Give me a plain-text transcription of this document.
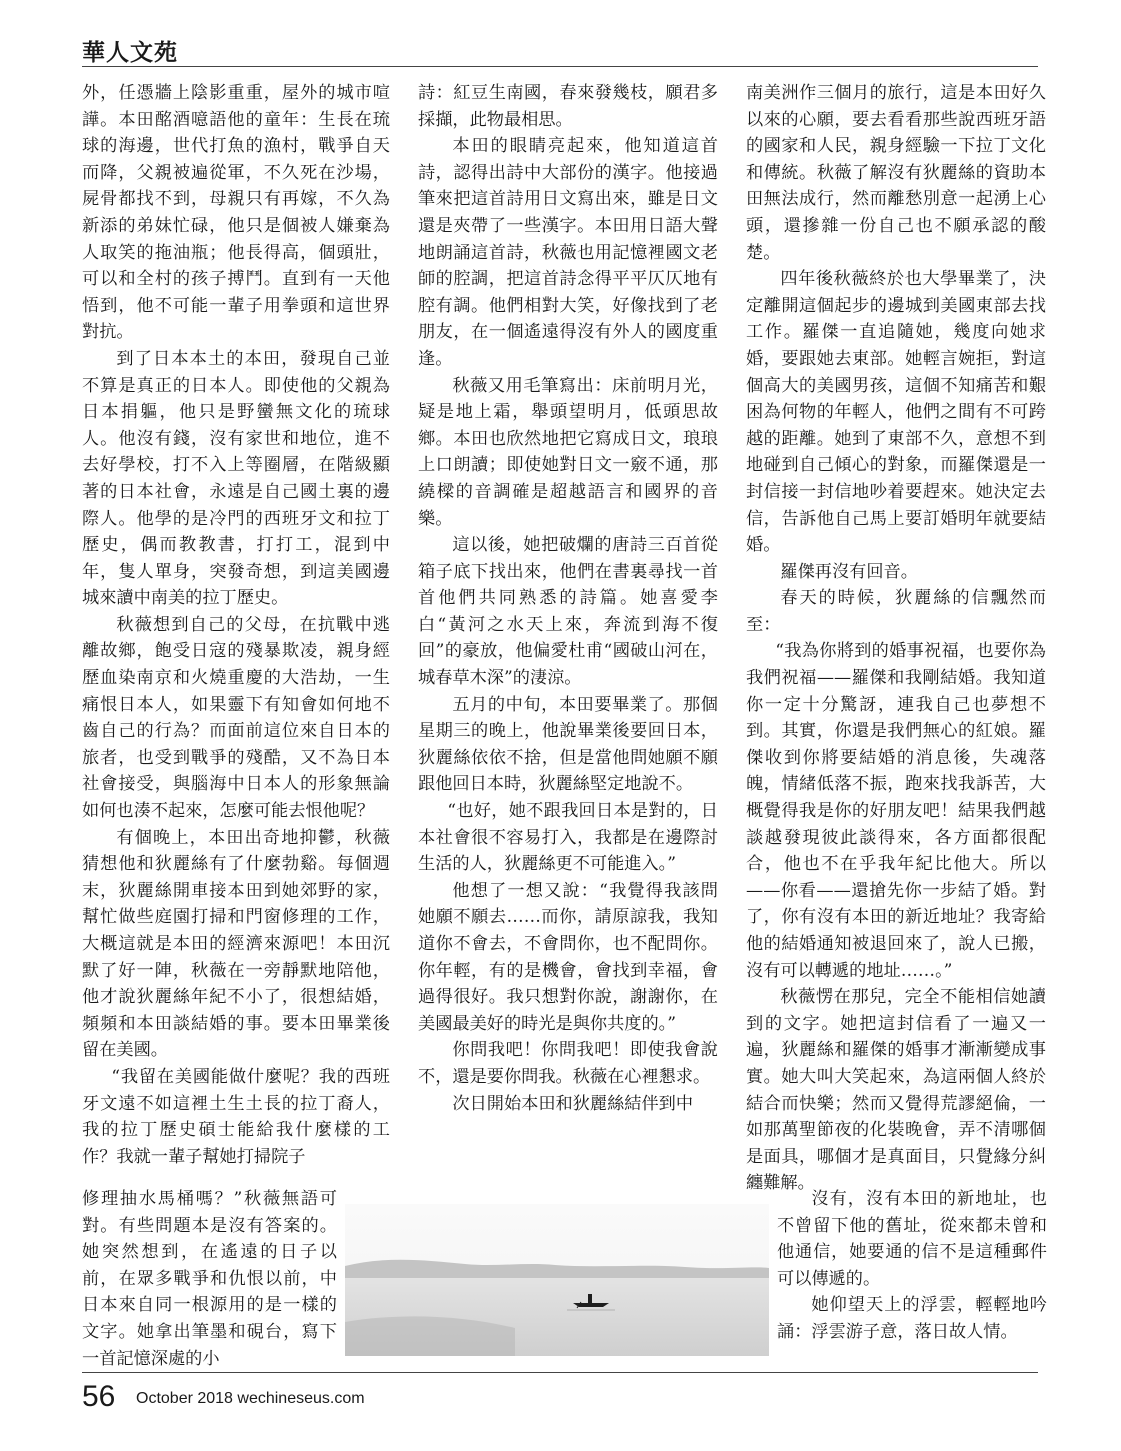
華人文苑

外，任憑牆上陰影重重，屋外的城市喧譁。本田酩酒噫語他的童年：生長在琉球的海邊，世代打魚的漁村，戰爭自天而降，父親被遍從軍，不久死在沙場，屍骨都找不到，母親只有再嫁，不久為新添的弟妹忙碌，他只是個被人嫌棄為人取笑的拖油瓶；他長得高，個頭壯，可以和全村的孩子搏鬥。直到有一天他悟到，他不可能一輩子用拳頭和這世界對抗。

到了日本本土的本田，發現自己並不算是真正的日本人。即使他的父親為日本捐軀，他只是野蠻無文化的琉球人。他沒有錢，沒有家世和地位，進不去好學校，打不入上等圈層，在階級顯著的日本社會，永遠是自己國土裏的邊際人。他學的是冷門的西班牙文和拉丁歷史，偶而教教書，打打工，混到中年，隻人單身，突發奇想，到這美國邊城來讀中南美的拉丁歷史。

秋薇想到自己的父母，在抗戰中逃離故鄉，飽受日寇的殘暴欺凌，親身經歷血染南京和火燒重慶的大浩劫，一生痛恨日本人，如果靈下有知會如何地不齒自己的行為？而面前這位來自日本的旅者，也受到戰爭的殘酷，又不為日本社會接受，與腦海中日本人的形象無論如何也湊不起來，怎麼可能去恨他呢？

有個晚上，本田出奇地抑鬱，秋薇猜想他和狄麗絲有了什麼勃谿。每個週末，狄麗絲開車接本田到她郊野的家，幫忙做些庭園打掃和門窗修理的工作，大概這就是本田的經濟來源吧！本田沉默了好一陣，秋薇在一旁靜默地陪他，他才說狄麗絲年紀不小了，很想結婚，頻頻和本田談結婚的事。要本田畢業後留在美國。

“我留在美國能做什麼呢？我的西班牙文遠不如這裡土生土長的拉丁裔人，我的拉丁歷史碩士能給我什麼樣的工作？我就一輩子幫她打掃院子

修理抽水馬桶嗎？”秋薇無語可對。有些問題本是沒有答案的。她突然想到，在遙遠的日子以前，在眾多戰爭和仇恨以前，中日本來自同一根源用的是一樣的文字。她拿出筆墨和硯台，寫下一首記憶深處的小

詩：紅豆生南國，春來發幾枝，願君多採擷，此物最相思。

本田的眼睛亮起來，他知道這首詩，認得出詩中大部份的漢字。他接過筆來把這首詩用日文寫出來，雖是日文還是夾帶了一些漢字。本田用日語大聲地朗誦這首詩，秋薇也用記憶裡國文老師的腔調，把這首詩念得平平仄仄地有腔有調。他們相對大笑，好像找到了老朋友，在一個遙遠得沒有外人的國度重逢。

秋薇又用毛筆寫出：床前明月光，疑是地上霜，舉頭望明月，低頭思故鄉。本田也欣然地把它寫成日文，琅琅上口朗讀；即使她對日文一竅不通，那繞樑的音調確是超越語言和國界的音樂。

這以後，她把破爛的唐詩三百首從箱子底下找出來，他們在書裏尋找一首首他們共同熟悉的詩篇。她喜愛李白“黃河之水天上來，奔流到海不復回”的豪放，他偏愛杜甫“國破山河在，城春草木深”的淒涼。

五月的中旬，本田要畢業了。那個星期三的晚上，他說畢業後要回日本，狄麗絲依依不捨，但是當他問她願不願跟他回日本時，狄麗絲堅定地說不。

“也好，她不跟我回日本是對的，日本社會很不容易打入，我都是在邊際討生活的人，狄麗絲更不可能進入。”

他想了一想又說：“我覺得我該問她願不願去……而你，請原諒我，我知道你不會去，不會問你，也不配問你。你年輕，有的是機會，會找到幸福，會過得很好。我只想對你說，謝謝你，在美國最美好的時光是與你共度的。”

你問我吧！你問我吧！即使我會說不，還是要你問我。秋薇在心裡懇求。

次日開始本田和狄麗絲結伴到中

南美洲作三個月的旅行，這是本田好久以來的心願，要去看看那些說西班牙語的國家和人民，親身經驗一下拉丁文化和傳統。秋薇了解沒有狄麗絲的資助本田無法成行，然而離愁別意一起湧上心頭，還摻雜一份自己也不願承認的酸楚。

四年後秋薇終於也大學畢業了，決定離開這個起步的邊城到美國東部去找工作。羅傑一直追隨她，幾度向她求婚，要跟她去東部。她輕言婉拒，對這個高大的美國男孩，這個不知痛苦和艱困為何物的年輕人，他們之間有不可跨越的距離。她到了東部不久，意想不到地碰到自己傾心的對象，而羅傑還是一封信接一封信地吵着要趕來。她決定去信，告訴他自己馬上要訂婚明年就要結婚。

羅傑再沒有回音。

春天的時候，狄麗絲的信飄然而至：

“我為你將到的婚事祝福，也要你為我們祝福——羅傑和我剛結婚。我知道你一定十分驚訝，連我自己也夢想不到。其實，你還是我們無心的紅娘。羅傑收到你將要結婚的消息後，失魂落魄，情緒低落不振，跑來找我訴苦，大概覺得我是你的好朋友吧！結果我們越談越發現彼此談得來，各方面都很配合，他也不在乎我年紀比他大。所以——你看——還搶先你一步結了婚。對了，你有沒有本田的新近地址？我寄給他的結婚通知被退回來了，說人已搬，沒有可以轉遞的地址……。”

秋薇愣在那兒，完全不能相信她讀到的文字。她把這封信看了一遍又一遍，狄麗絲和羅傑的婚事才漸漸變成事實。她大叫大笑起來，為這兩個人終於結合而快樂；然而又覺得荒謬絕倫，一如那萬聖節夜的化裝晚會，弄不清哪個是面具，哪個才是真面目，只覺緣分糾纏難解。

沒有，沒有本田的新地址，也不曾留下他的舊址，從來都未曾和他通信，她要通的信不是這種郵件可以傳遞的。

她仰望天上的浮雲，輕輕地吟誦：浮雲游子意，落日故人情。

56 October 2018 wechineseus.com
